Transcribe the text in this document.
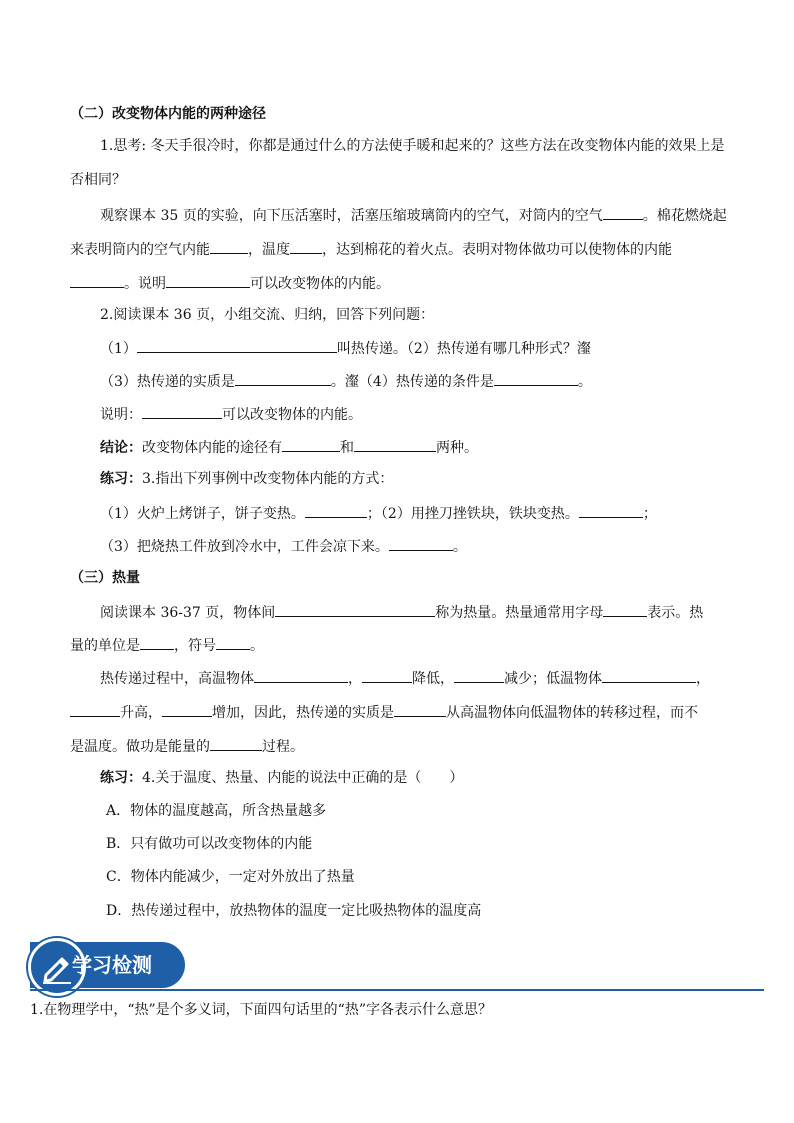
（二）改变物体内能的两种途径
1.思考: 冬天手很冷时，你都是通过什么的方法使手暖和起来的？这些方法在改变物体内能的效果上是
否相同？
观察课本 35 页的实验，向下压活塞时，活塞压缩玻璃筒内的空气，对筒内的空气	。棉花燃烧起
来表明筒内的空气内能	，温度 ，达到棉花的着火点。表明对物体做功可以使物体的内能
。说明	可以改变物体的内能。
2.阅读课本 36 页，小组交流、归纳，回答下列问题：
（1）	叫热传递。（2）热传递有哪几种形式？瀣
（3）热传递的实质是	。瀣（4）热传递的条件是	。
说明：	可以改变物体的内能。
结论：改变物体内能的途径有	和	两种。
练习：3.指出下列事例中改变物体内能的方式：
（1）火炉上烤饼子，饼子变热。	；（2）用挫刀挫铁块，铁块变热。	；
（3）把烧热工件放到冷水中，工件会凉下来。	。
（三）热量
阅读课本 36-37 页，物体间	称为热量。热量通常用字母	表示。热
量的单位是 ，符号 。
热传递过程中，高温物体	，	降低，	减少；低温物体	，
升高，	增加，因此，热传递的实质是	从高温物体向低温物体的转移过程，而不
是温度。做功是能量的	过程。
练习：4.关于温度、热量、内能的说法中正确的是（　　）
A．物体的温度越高，所含热量越多
B．只有做功可以改变物体的内能
C．物体内能减少，一定对外放出了热量
D．热传递过程中，放热物体的温度一定比吸热物体的温度高
学习检测
1.在物理学中，“热”是个多义词，下面四句话里的“热”字各表示什么意思？
